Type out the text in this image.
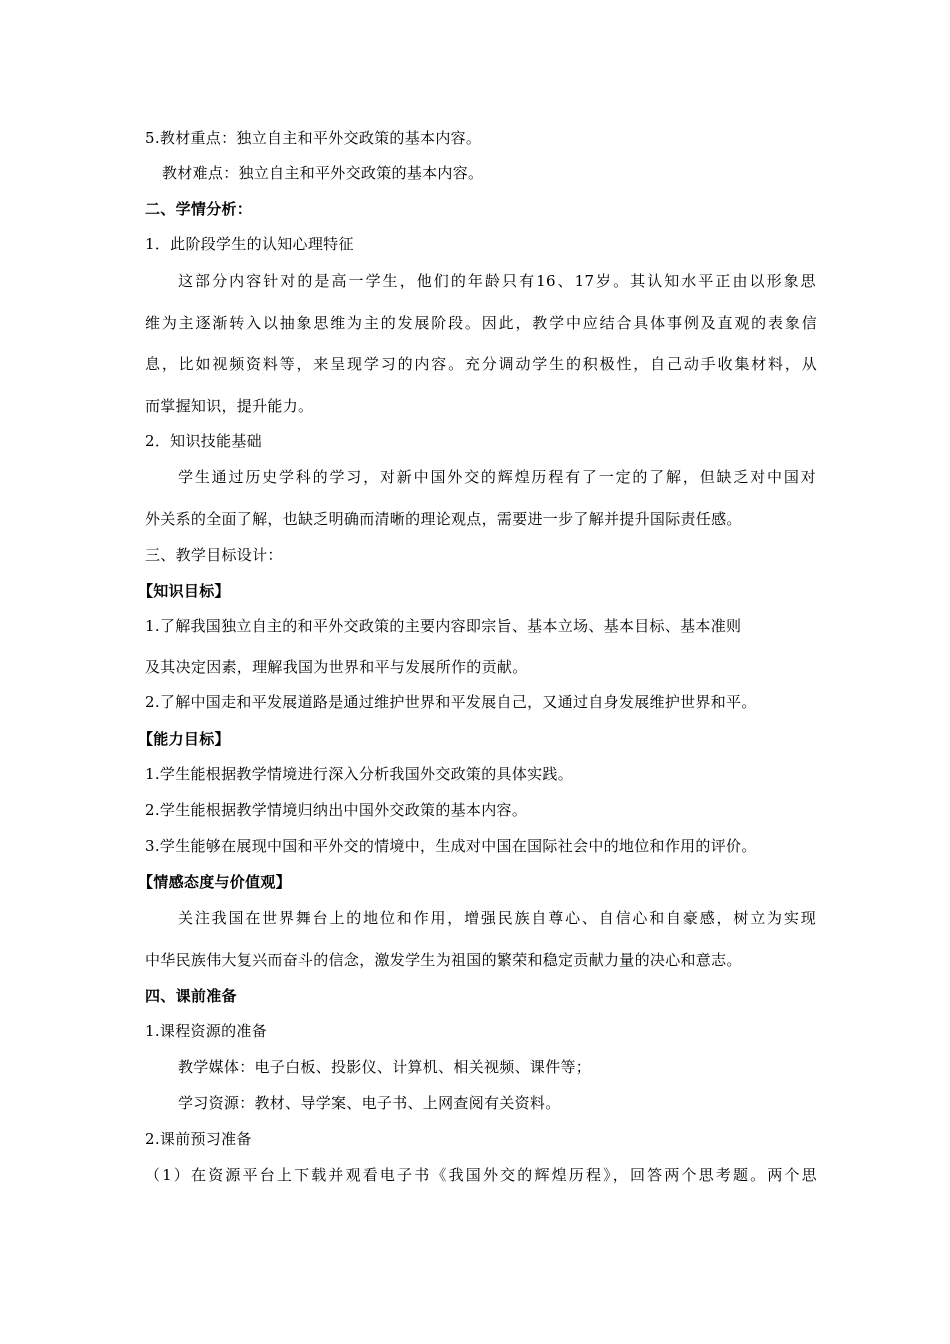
5.教材重点：独立自主和平外交政策的基本内容。
教材难点：独立自主和平外交政策的基本内容。
二、学情分析：
1．此阶段学生的认知心理特征
这部分内容针对的是高一学生，他们的年龄只有16、17岁。其认知水平正由以形象思
维为主逐渐转入以抽象思维为主的发展阶段。因此，教学中应结合具体事例及直观的表象信
息，比如视频资料等，来呈现学习的内容。充分调动学生的积极性，自己动手收集材料，从
而掌握知识，提升能力。
2．知识技能基础
学生通过历史学科的学习，对新中国外交的辉煌历程有了一定的了解，但缺乏对中国对
外关系的全面了解，也缺乏明确而清晰的理论观点，需要进一步了解并提升国际责任感。
三、教学目标设计：
【知识目标】
1.了解我国独立自主的和平外交政策的主要内容即宗旨、基本立场、基本目标、基本准则
及其决定因素，理解我国为世界和平与发展所作的贡献。
2.了解中国走和平发展道路是通过维护世界和平发展自己，又通过自身发展维护世界和平。
【能力目标】
1.学生能根据教学情境进行深入分析我国外交政策的具体实践。
2.学生能根据教学情境归纳出中国外交政策的基本内容。
3.学生能够在展现中国和平外交的情境中，生成对中国在国际社会中的地位和作用的评价。
【情感态度与价值观】
关注我国在世界舞台上的地位和作用，增强民族自尊心、自信心和自豪感，树立为实现
中华民族伟大复兴而奋斗的信念，激发学生为祖国的繁荣和稳定贡献力量的决心和意志。
四、课前准备
1.课程资源的准备
教学媒体：电子白板、投影仪、计算机、相关视频、课件等；
学习资源：教材、导学案、电子书、上网查阅有关资料。
2.课前预习准备
（1）在资源平台上下载并观看电子书《我国外交的辉煌历程》，回答两个思考题。两个思
